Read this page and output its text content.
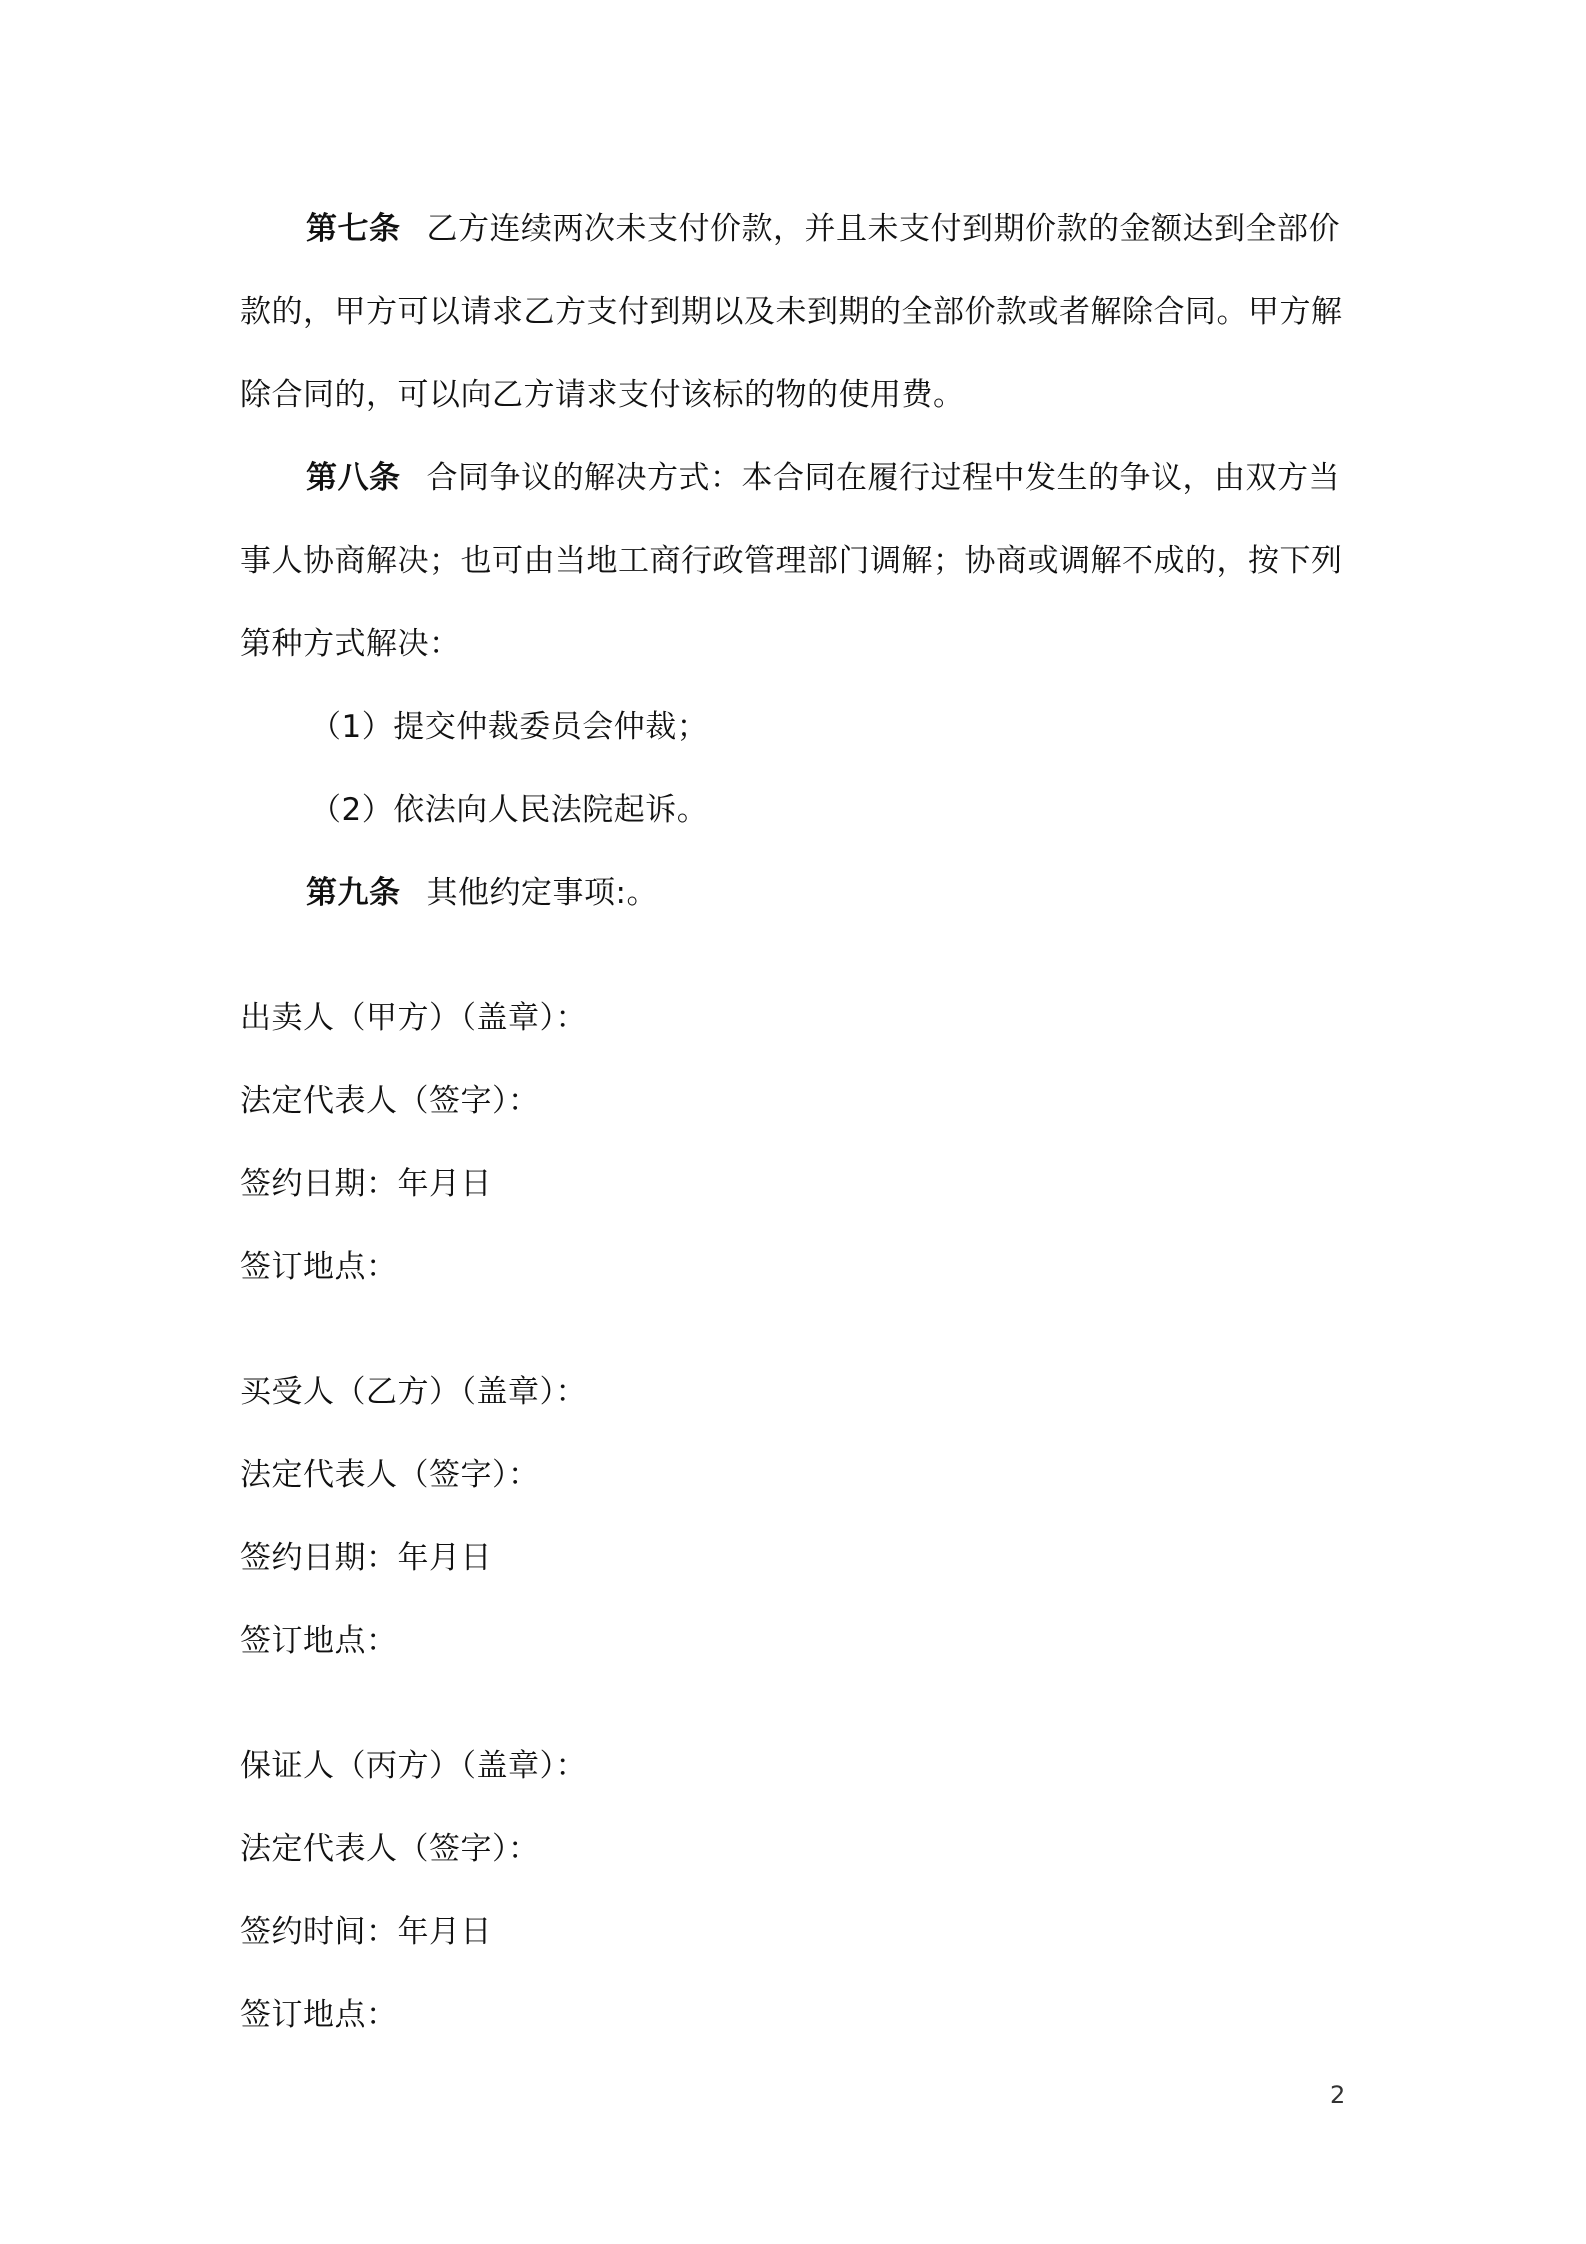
第七条 乙方连续两次未支付价款，并且未支付到期价款的金额达到全部价
款的，甲方可以请求乙方支付到期以及未到期的全部价款或者解除合同。甲方解
除合同的，可以向乙方请求支付该标的物的使用费。
第八条 合同争议的解决方式：本合同在履行过程中发生的争议，由双方当
事人协商解决；也可由当地工商行政管理部门调解；协商或调解不成的，按下列
第种方式解决：
（1）提交仲裁委员会仲裁；
（2）依法向人民法院起诉。
第九条 其他约定事项:。
出卖人（甲方）（盖章）：
法定代表人（签字）：
签约日期：年月日
签订地点：
买受人（乙方）（盖章）：
法定代表人（签字）：
签约日期：年月日
签订地点：
保证人（丙方）（盖章）：
法定代表人（签字）：
签约时间：年月日
签订地点：
2
